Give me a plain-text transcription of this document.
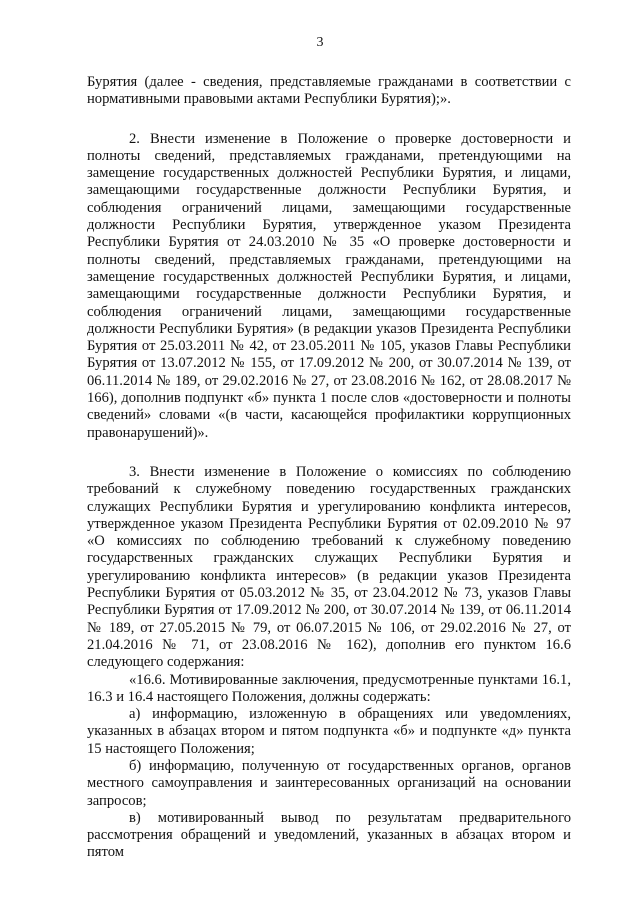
3

Бурятия (далее - сведения, представляемые гражданами в соответствии с нормативными правовыми актами Республики Бурятия);».

2. Внести изменение в Положение о проверке достоверности и полноты сведений, представляемых гражданами, претендующими на замещение государственных должностей Республики Бурятия, и лицами, замещающими государственные должности Республики Бурятия, и соблюдения ограничений лицами, замещающими государственные должности Республики Бурятия, утвержденное указом Президента Республики Бурятия от 24.03.2010 № 35 «О проверке достоверности и полноты сведений, представляемых гражданами, претендующими на замещение государственных должностей Республики Бурятия, и лицами, замещающими государственные должности Республики Бурятия, и соблюдения ограничений лицами, замещающими государственные должности Республики Бурятия» (в редакции указов Президента Республики Бурятия от 25.03.2011 № 42, от 23.05.2011 № 105, указов Главы Республики Бурятия от 13.07.2012 № 155, от 17.09.2012 № 200, от 30.07.2014 № 139, от 06.11.2014 № 189, от 29.02.2016 № 27, от 23.08.2016 № 162, от 28.08.2017 № 166), дополнив подпункт «б» пункта 1 после слов «достоверности и полноты сведений» словами «(в части, касающейся профилактики коррупционных правонарушений)».

3. Внести изменение в Положение о комиссиях по соблюдению требований к служебному поведению государственных гражданских служащих Республики Бурятия и урегулированию конфликта интересов, утвержденное указом Президента Республики Бурятия от 02.09.2010 № 97 «О комиссиях по соблюдению требований к служебному поведению государственных гражданских служащих Республики Бурятия и урегулированию конфликта интересов» (в редакции указов Президента Республики Бурятия от 05.03.2012 № 35, от 23.04.2012 № 73, указов Главы Республики Бурятия от 17.09.2012 № 200, от 30.07.2014 № 139, от 06.11.2014 № 189, от 27.05.2015 № 79, от 06.07.2015 № 106, от 29.02.2016 № 27, от 21.04.2016 № 71, от 23.08.2016 № 162), дополнив его пунктом 16.6 следующего содержания:

«16.6. Мотивированные заключения, предусмотренные пунктами 16.1, 16.3 и 16.4 настоящего Положения, должны содержать:

а) информацию, изложенную в обращениях или уведомлениях, указанных в абзацах втором и пятом подпункта «б» и подпункте «д» пункта 15 настоящего Положения;

б) информацию, полученную от государственных органов, органов местного самоуправления и заинтересованных организаций на основании запросов;

в) мотивированный вывод по результатам предварительного рассмотрения обращений и уведомлений, указанных в абзацах втором и пятом
